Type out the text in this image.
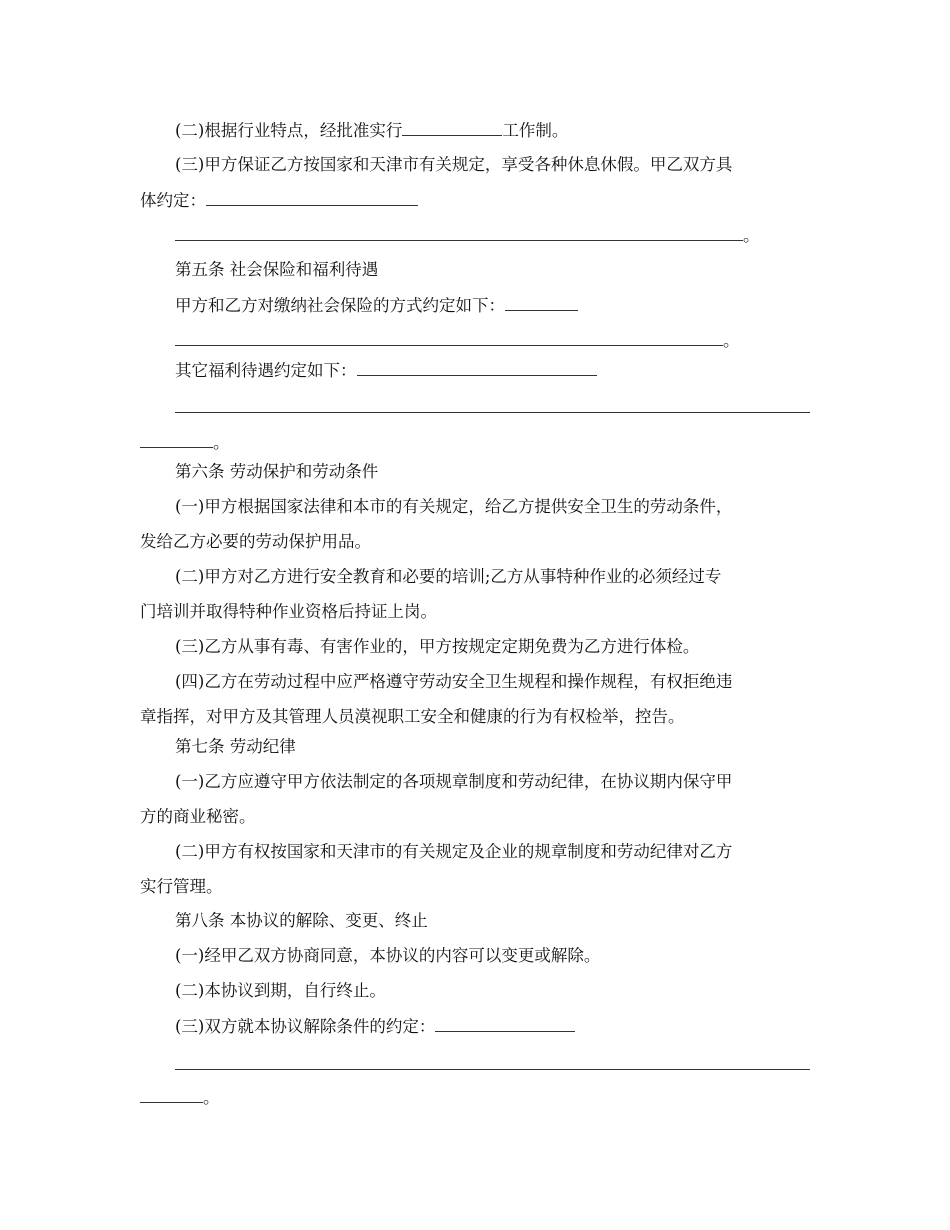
(二)根据行业特点，经批准实行	工作制。
(三)甲方保证乙方按国家和天津市有关规定，享受各种休息休假。甲乙双方具
体约定：
。
第五条 社会保险和福利待遇
甲方和乙方对缴纳社会保险的方式约定如下：
。
其它福利待遇约定如下：
。
第六条 劳动保护和劳动条件
(一)甲方根据国家法律和本市的有关规定，给乙方提供安全卫生的劳动条件，
发给乙方必要的劳动保护用品。
(二)甲方对乙方进行安全教育和必要的培训;乙方从事特种作业的必须经过专
门培训并取得特种作业资格后持证上岗。
(三)乙方从事有毒、有害作业的，甲方按规定定期免费为乙方进行体检。
(四)乙方在劳动过程中应严格遵守劳动安全卫生规程和操作规程，有权拒绝违
章指挥，对甲方及其管理人员漠视职工安全和健康的行为有权检举，控告。
第七条 劳动纪律
(一)乙方应遵守甲方依法制定的各项规章制度和劳动纪律，在协议期内保守甲
方的商业秘密。
(二)甲方有权按国家和天津市的有关规定及企业的规章制度和劳动纪律对乙方
实行管理。
第八条 本协议的解除、变更、终止
(一)经甲乙双方协商同意，本协议的内容可以变更或解除。
(二)本协议到期，自行终止。
(三)双方就本协议解除条件的约定：
。
